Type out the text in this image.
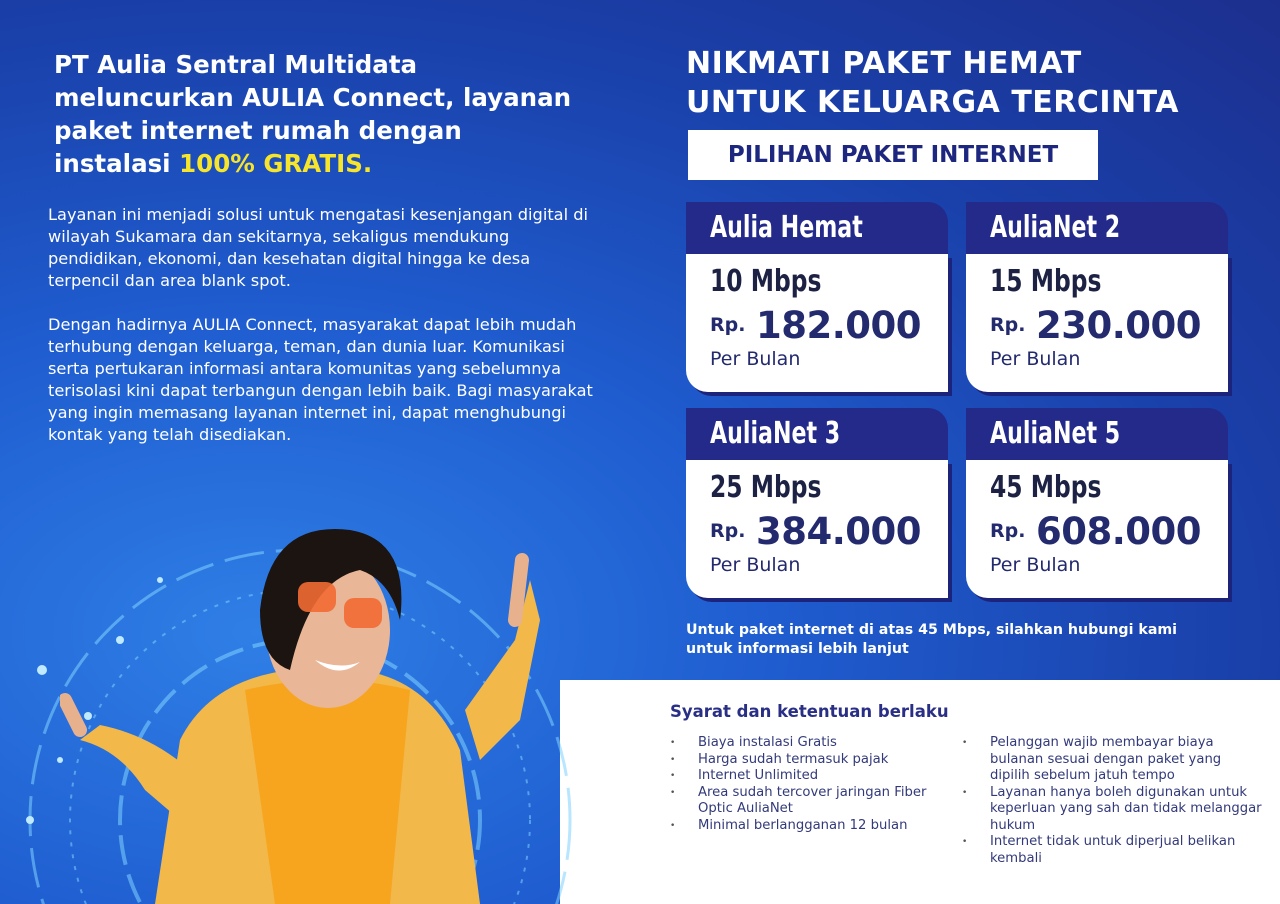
PT Aulia Sentral Multidata meluncurkan AULIA Connect, layanan paket internet rumah dengan instalasi 100% GRATIS.
Layanan ini menjadi solusi untuk mengatasi kesenjangan digital di wilayah Sukamara dan sekitarnya, sekaligus mendukung pendidikan, ekonomi, dan kesehatan digital hingga ke desa terpencil dan area blank spot.
Dengan hadirnya AULIA Connect, masyarakat dapat lebih mudah terhubung dengan keluarga, teman, dan dunia luar. Komunikasi serta pertukaran informasi antara komunitas yang sebelumnya terisolasi kini dapat terbangun dengan lebih baik. Bagi masyarakat yang ingin memasang layanan internet ini, dapat menghubungi kontak yang telah disediakan.
NIKMATI PAKET HEMAT
UNTUK KELUARGA TERCINTA
PILIHAN PAKET INTERNET
Aulia Hemat
10 Mbps
Rp. 182.000
Per Bulan
AuliaNet 2
15 Mbps
Rp. 230.000
Per Bulan
AuliaNet 3
25 Mbps
Rp. 384.000
Per Bulan
AuliaNet 5
45 Mbps
Rp. 608.000
Per Bulan
Untuk paket internet di atas 45 Mbps, silahkan hubungi kami untuk informasi lebih lanjut
Syarat dan ketentuan berlaku
• Biaya instalasi Gratis
• Harga sudah termasuk pajak
• Internet Unlimited
• Area sudah tercover jaringan Fiber Optic AuliaNet
• Minimal berlangganan 12 bulan
• Pelanggan wajib membayar biaya bulanan sesuai dengan paket yang dipilih sebelum jatuh tempo
• Layanan hanya boleh digunakan untuk keperluan yang sah dan tidak melanggar hukum
• Internet tidak untuk diperjual belikan kembali
